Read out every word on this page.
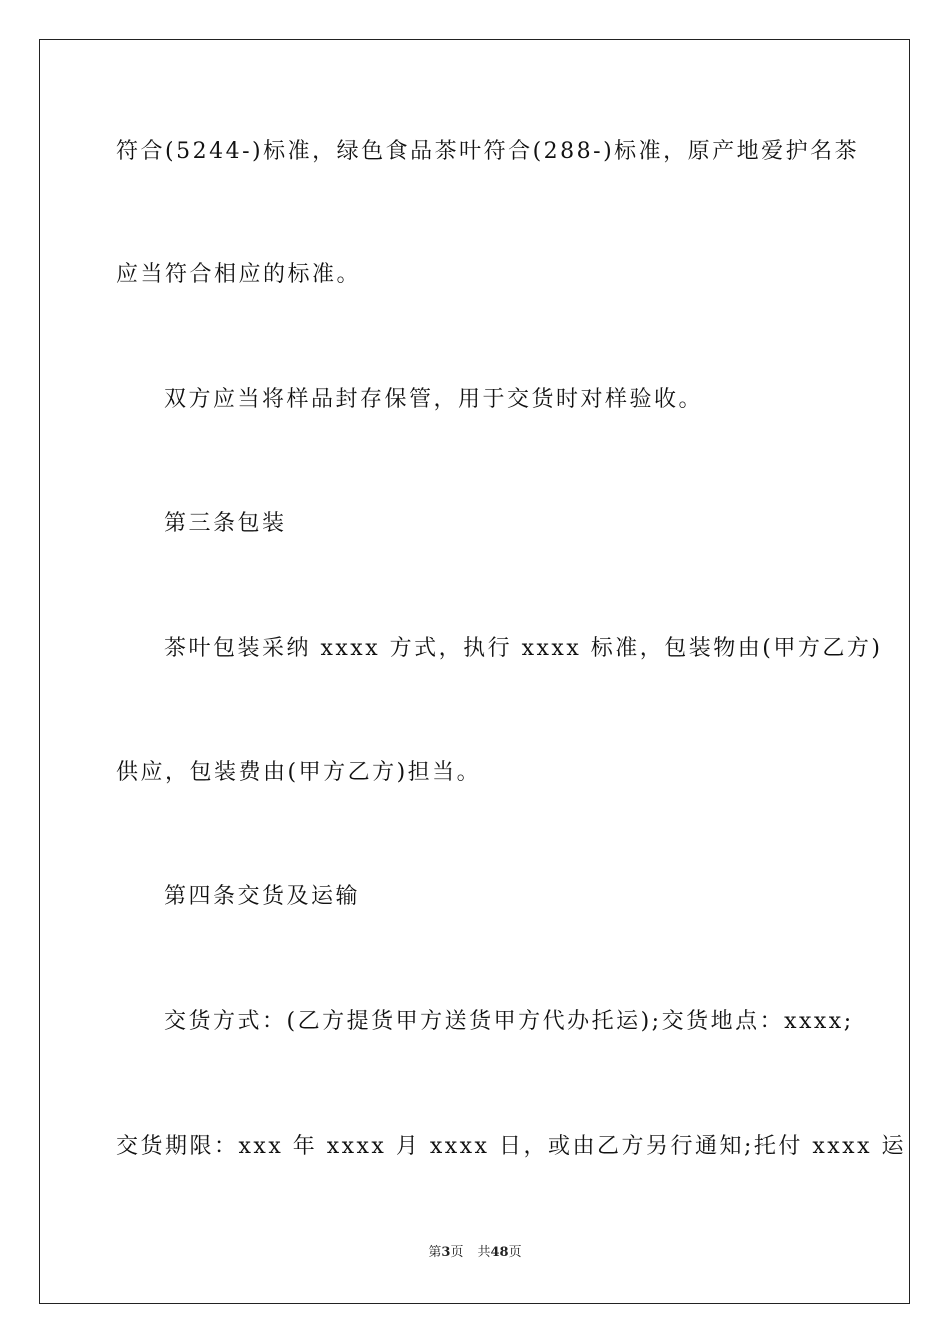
符合(5244-)标准，绿色食品茶叶符合(288-)标准，原产地爱护名茶
应当符合相应的标准。
双方应当将样品封存保管，用于交货时对样验收。
第三条包装
茶叶包装采纳 xxxx 方式，执行 xxxx 标准，包装物由(甲方乙方)
供应，包装费由(甲方乙方)担当。
第四条交货及运输
交货方式：(乙方提货甲方送货甲方代办托运);交货地点：xxxx;
交货期限：xxx 年 xxxx 月 xxxx 日，或由乙方另行通知;托付 xxxx 运
第3页 共48页
